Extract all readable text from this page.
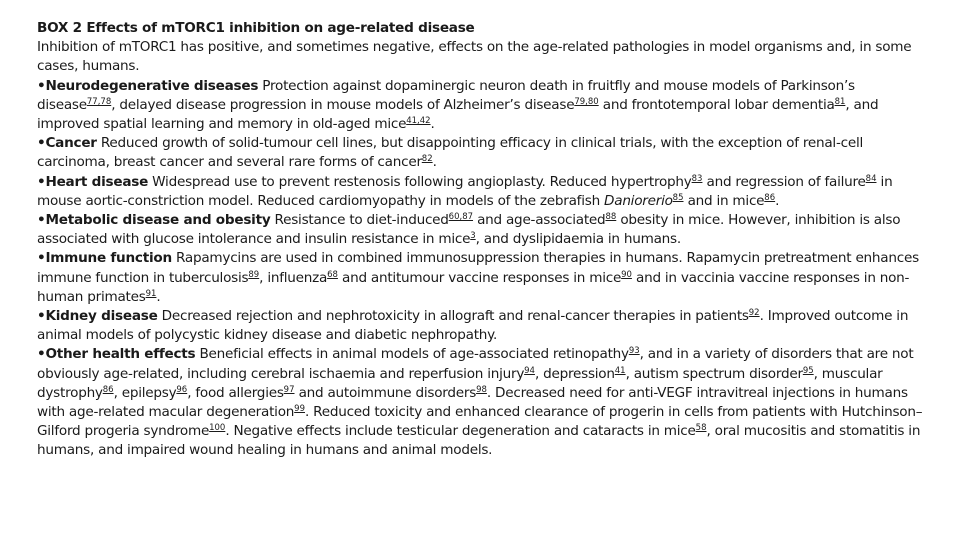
BOX 2 Effects of mTORC1 inhibition on age-related disease

Inhibition of mTORC1 has positive, and sometimes negative, effects on the age-related pathologies in model organisms and, in some cases, humans.

•Neurodegenerative diseases Protection against dopaminergic neuron death in fruitfly and mouse models of Parkinson’s disease$^{77,78}$, delayed disease progression in mouse models of Alzheimer’s disease$^{79,80}$ and frontotemporal lobar dementia$^{81}$, and improved spatial learning and memory in old-aged mice$^{41,42}$.

•Cancer Reduced growth of solid-tumour cell lines, but disappointing efficacy in clinical trials, with the exception of renal-cell carcinoma, breast cancer and several rare forms of cancer$^{82}$.

•Heart disease Widespread use to prevent restenosis following angioplasty. Reduced hypertrophy$^{83}$ and regression of failure$^{84}$ in mouse aortic-constriction model. Reduced cardiomyopathy in models of the zebrafish Daniorerio$^{85}$ and in mice$^{86}$.

•Metabolic disease and obesity Resistance to diet-induced$^{60,87}$ and age-associated$^{88}$ obesity in mice. However, inhibition is also associated with glucose intolerance and insulin resistance in mice$^3$, and dyslipidaemia in humans.

•Immune function Rapamycins are used in combined immunosuppression therapies in humans. Rapamycin pretreatment enhances immune function in tuberculosis$^{89}$, influenza$^{68}$ and antitumour vaccine responses in mice$^{90}$ and in vaccinia vaccine responses in non-human primates$^{91}$.

•Kidney disease Decreased rejection and nephrotoxicity in allograft and renal-cancer therapies in patients$^{92}$. Improved outcome in animal models of polycystic kidney disease and diabetic nephropathy.

•Other health effects Beneficial effects in animal models of age-associated retinopathy$^{93}$, and in a variety of disorders that are not obviously age-related, including cerebral ischaemia and reperfusion injury$^{94}$, depression$^{41}$, autism spectrum disorder$^{95}$, muscular dystrophy$^{86}$, epilepsy$^{96}$, food allergies$^{97}$ and autoimmune disorders$^{98}$. Decreased need for anti-VEGF intravitreal injections in humans with age-related macular degeneration$^{99}$. Reduced toxicity and enhanced clearance of progerin in cells from patients with Hutchinson–Gilford progeria syndrome$^{100}$. Negative effects include testicular degeneration and cataracts in mice$^{58}$, oral mucositis and stomatitis in humans, and impaired wound healing in humans and animal models.
